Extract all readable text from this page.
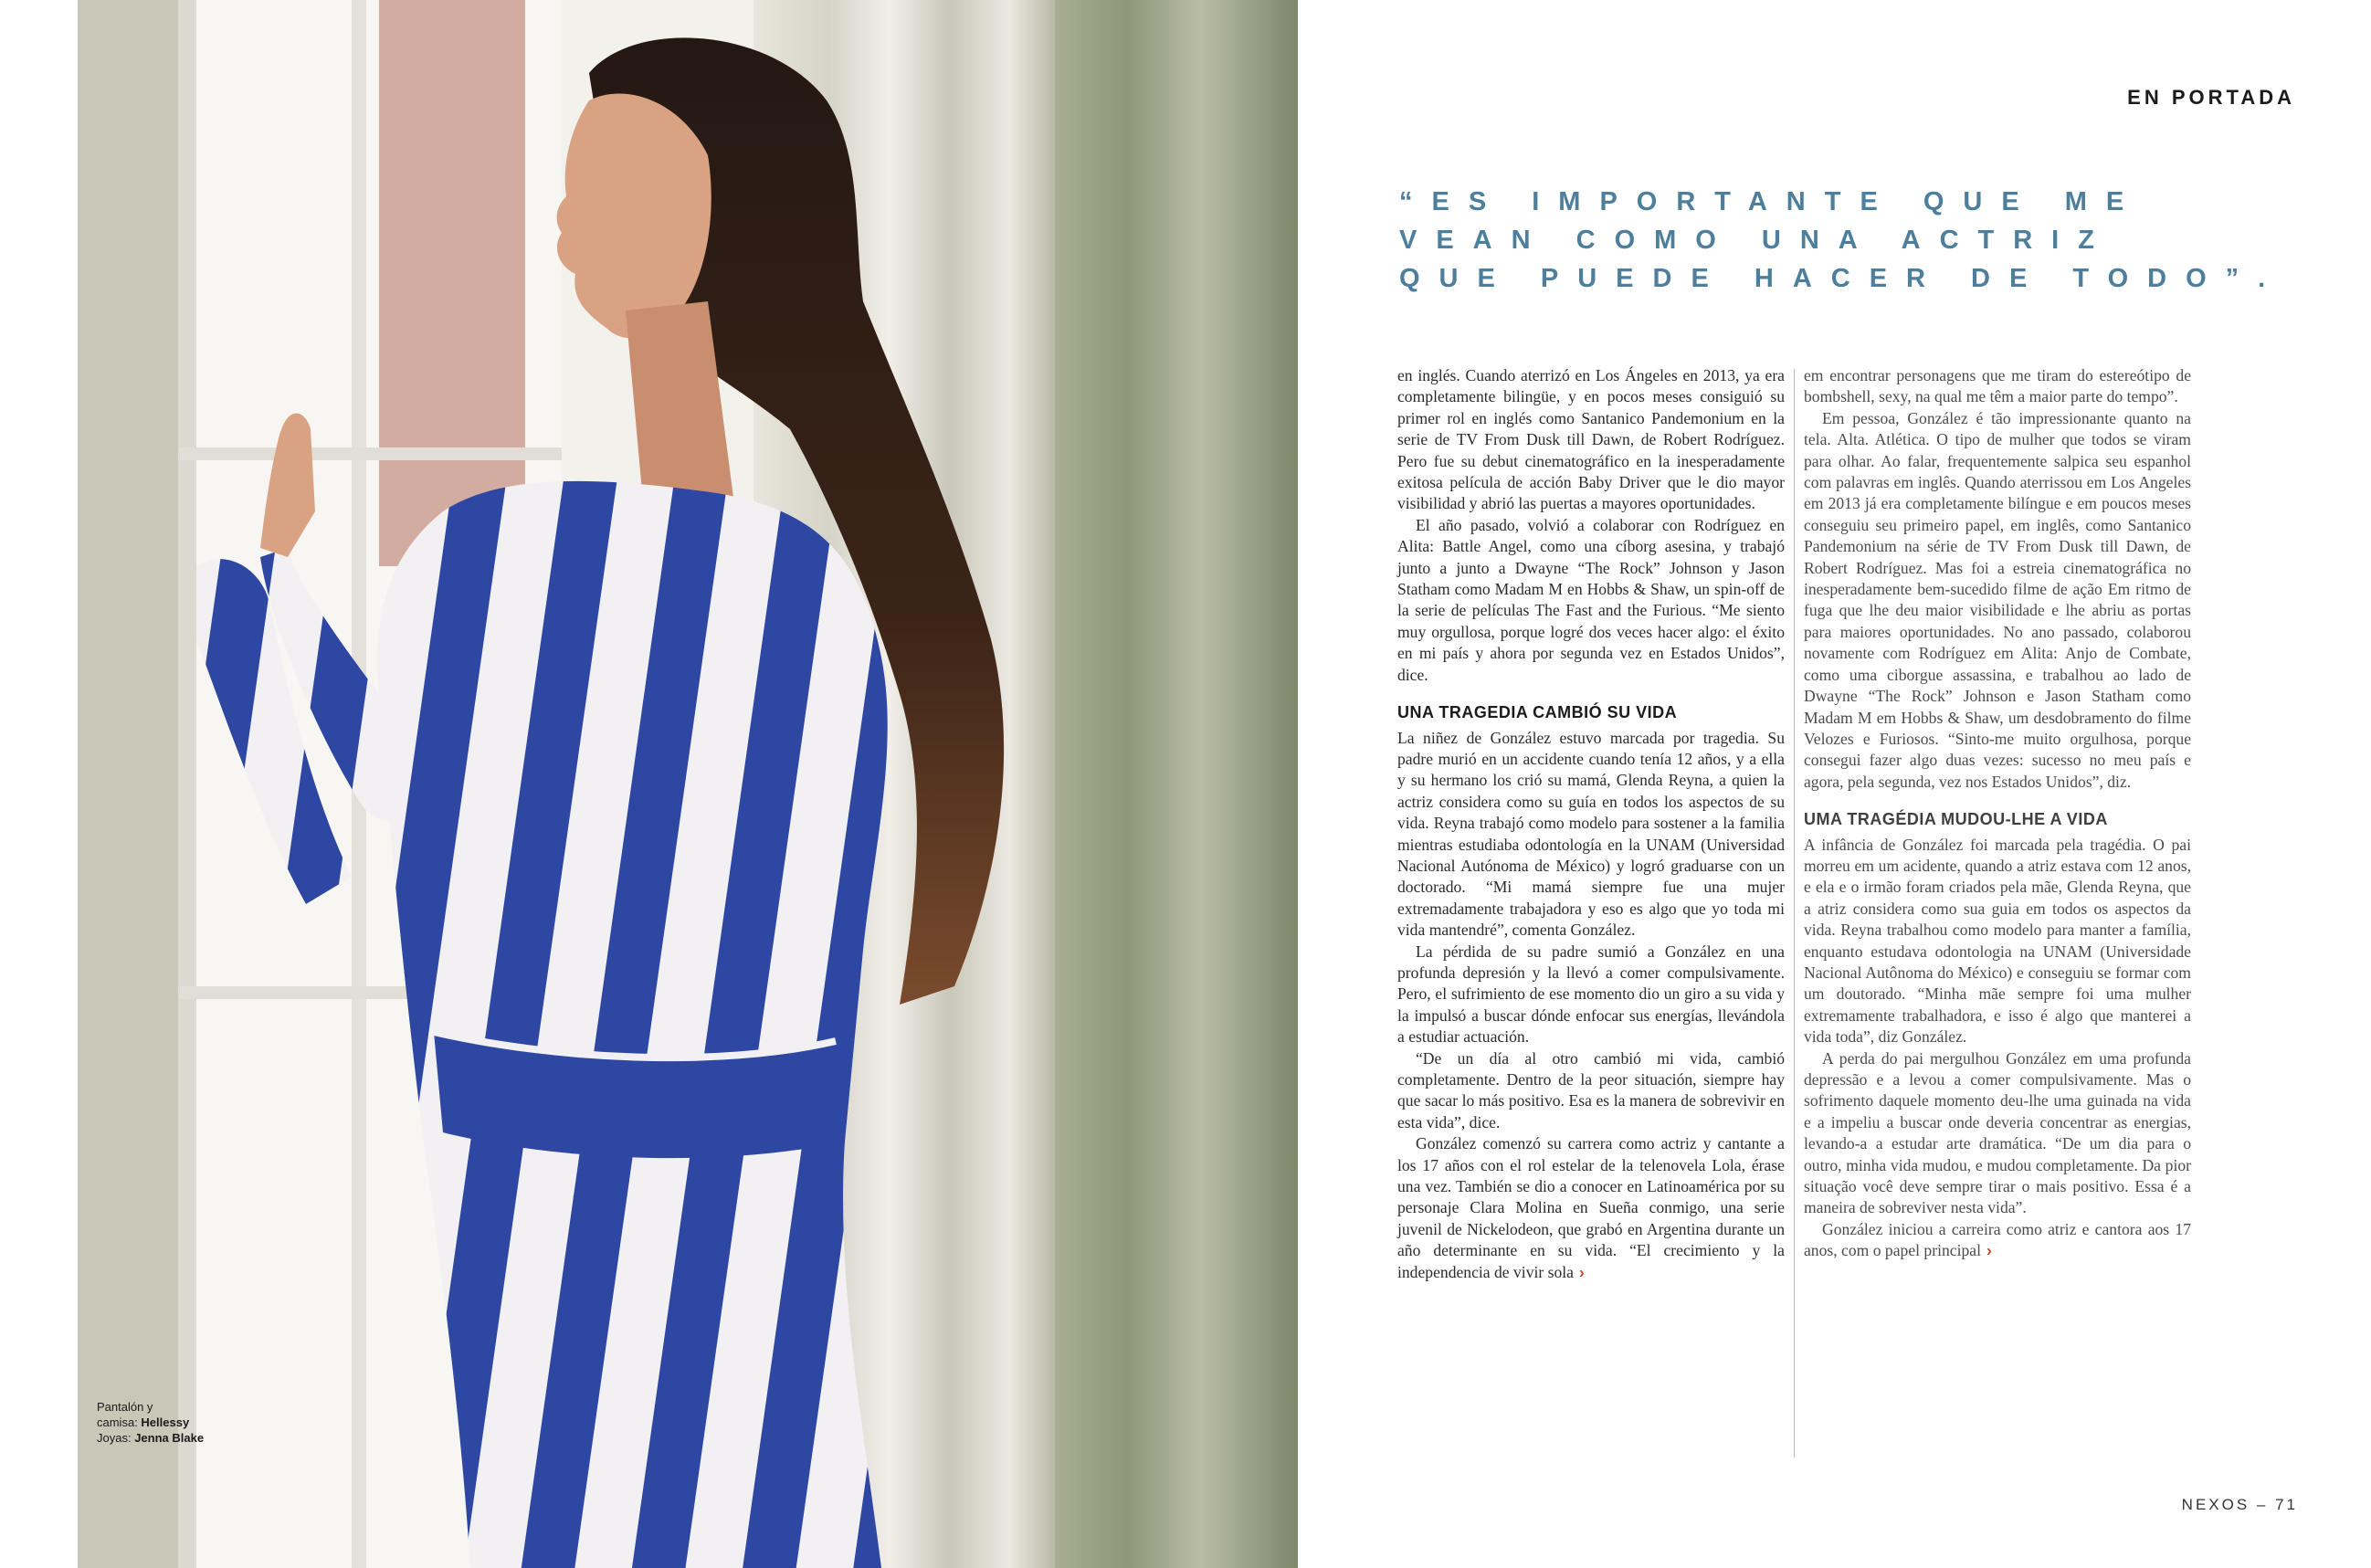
Pantalón y
camisa: Hellessy
Joyas: Jenna Blake
EN PORTADA
“ES IMPORTANTE QUE ME
VEAN COMO UNA ACTRIZ
QUE PUEDE HACER DE TODO”.

en inglés. Cuando aterrizó en Los Ángeles en 2013, ya era completamente bilingüe, y en pocos meses consiguió su primer rol en inglés como Santanico Pandemonium en la serie de TV From Dusk till Dawn, de Robert Rodríguez. Pero fue su debut cinematográfico en la inesperadamente exitosa película de acción Baby Driver que le dio mayor visibilidad y abrió las puertas a mayores oportunidades.

El año pasado, volvió a colaborar con Rodríguez en Alita: Battle Angel, como una cíborg asesina, y trabajó junto a junto a Dwayne “The Rock” Johnson y Jason Statham como Madam M en Hobbs & Shaw, un spin-off de la serie de películas The Fast and the Furious. “Me siento muy orgullosa, porque logré dos veces hacer algo: el éxito en mi país y ahora por segunda vez en Estados Unidos”, dice.

UNA TRAGEDIA CAMBIÓ SU VIDA

La niñez de González estuvo marcada por tragedia. Su padre murió en un accidente cuando tenía 12 años, y a ella y su hermano los crió su mamá, Glenda Reyna, a quien la actriz considera como su guía en todos los aspectos de su vida. Reyna trabajó como modelo para sostener a la familia mientras estudiaba odontología en la UNAM (Universidad Nacional Autónoma de México) y logró graduarse con un doctorado. “Mi mamá siempre fue una mujer extremadamente trabajadora y eso es algo que yo toda mi vida mantendré”, comenta González.

La pérdida de su padre sumió a González en una profunda depresión y la llevó a comer compulsivamente. Pero, el sufrimiento de ese momento dio un giro a su vida y la impulsó a buscar dónde enfocar sus energías, llevándola a estudiar actuación.

“De un día al otro cambió mi vida, cambió completamente. Dentro de la peor situación, siempre hay que sacar lo más positivo. Esa es la manera de sobrevivir en esta vida”, dice.

González comenzó su carrera como actriz y cantante a los 17 años con el rol estelar de la telenovela Lola, érase una vez. También se dio a conocer en Latinoamérica por su personaje Clara Molina en Sueña conmigo, una serie juvenil de Nickelodeon, que grabó en Argentina durante un año determinante en su vida. “El crecimiento y la independencia de vivir sola ›

em encontrar personagens que me tiram do estereótipo de bombshell, sexy, na qual me têm a maior parte do tempo”.

Em pessoa, González é tão impressionante quanto na tela. Alta. Atlética. O tipo de mulher que todos se viram para olhar. Ao falar, frequentemente salpica seu espanhol com palavras em inglês. Quando aterrissou em Los Angeles em 2013 já era completamente bilíngue e em poucos meses conseguiu seu primeiro papel, em inglês, como Santanico Pandemonium na série de TV From Dusk till Dawn, de Robert Rodríguez. Mas foi a estreia cinematográfica no inesperadamente bem-sucedido filme de ação Em ritmo de fuga que lhe deu maior visibilidade e lhe abriu as portas para maiores oportunidades. No ano passado, colaborou novamente com Rodríguez em Alita: Anjo de Combate, como uma ciborgue assassina, e trabalhou ao lado de Dwayne “The Rock” Johnson e Jason Statham como Madam M em Hobbs & Shaw, um desdobramento do filme Velozes e Furiosos. “Sinto-me muito orgulhosa, porque consegui fazer algo duas vezes: sucesso no meu país e agora, pela segunda, vez nos Estados Unidos”, diz.

UMA TRAGÉDIA MUDOU-LHE A VIDA

A infância de González foi marcada pela tragédia. O pai morreu em um acidente, quando a atriz estava com 12 anos, e ela e o irmão foram criados pela mãe, Glenda Reyna, que a atriz considera como sua guia em todos os aspectos da vida. Reyna trabalhou como modelo para manter a família, enquanto estudava odontologia na UNAM (Universidade Nacional Autônoma do México) e conseguiu se formar com um doutorado. “Minha mãe sempre foi uma mulher extremamente trabalhadora, e isso é algo que manterei a vida toda”, diz González.

A perda do pai mergulhou González em uma profunda depressão e a levou a comer compulsivamente. Mas o sofrimento daquele momento deu-lhe uma guinada na vida e a impeliu a buscar onde deveria concentrar as energias, levando-a a estudar arte dramática. “De um dia para o outro, minha vida mudou, e mudou completamente. Da pior situação você deve sempre tirar o mais positivo. Essa é a maneira de sobreviver nesta vida”.

González iniciou a carreira como atriz e cantora aos 17 anos, com o papel principal ›

NEXOS – 71
